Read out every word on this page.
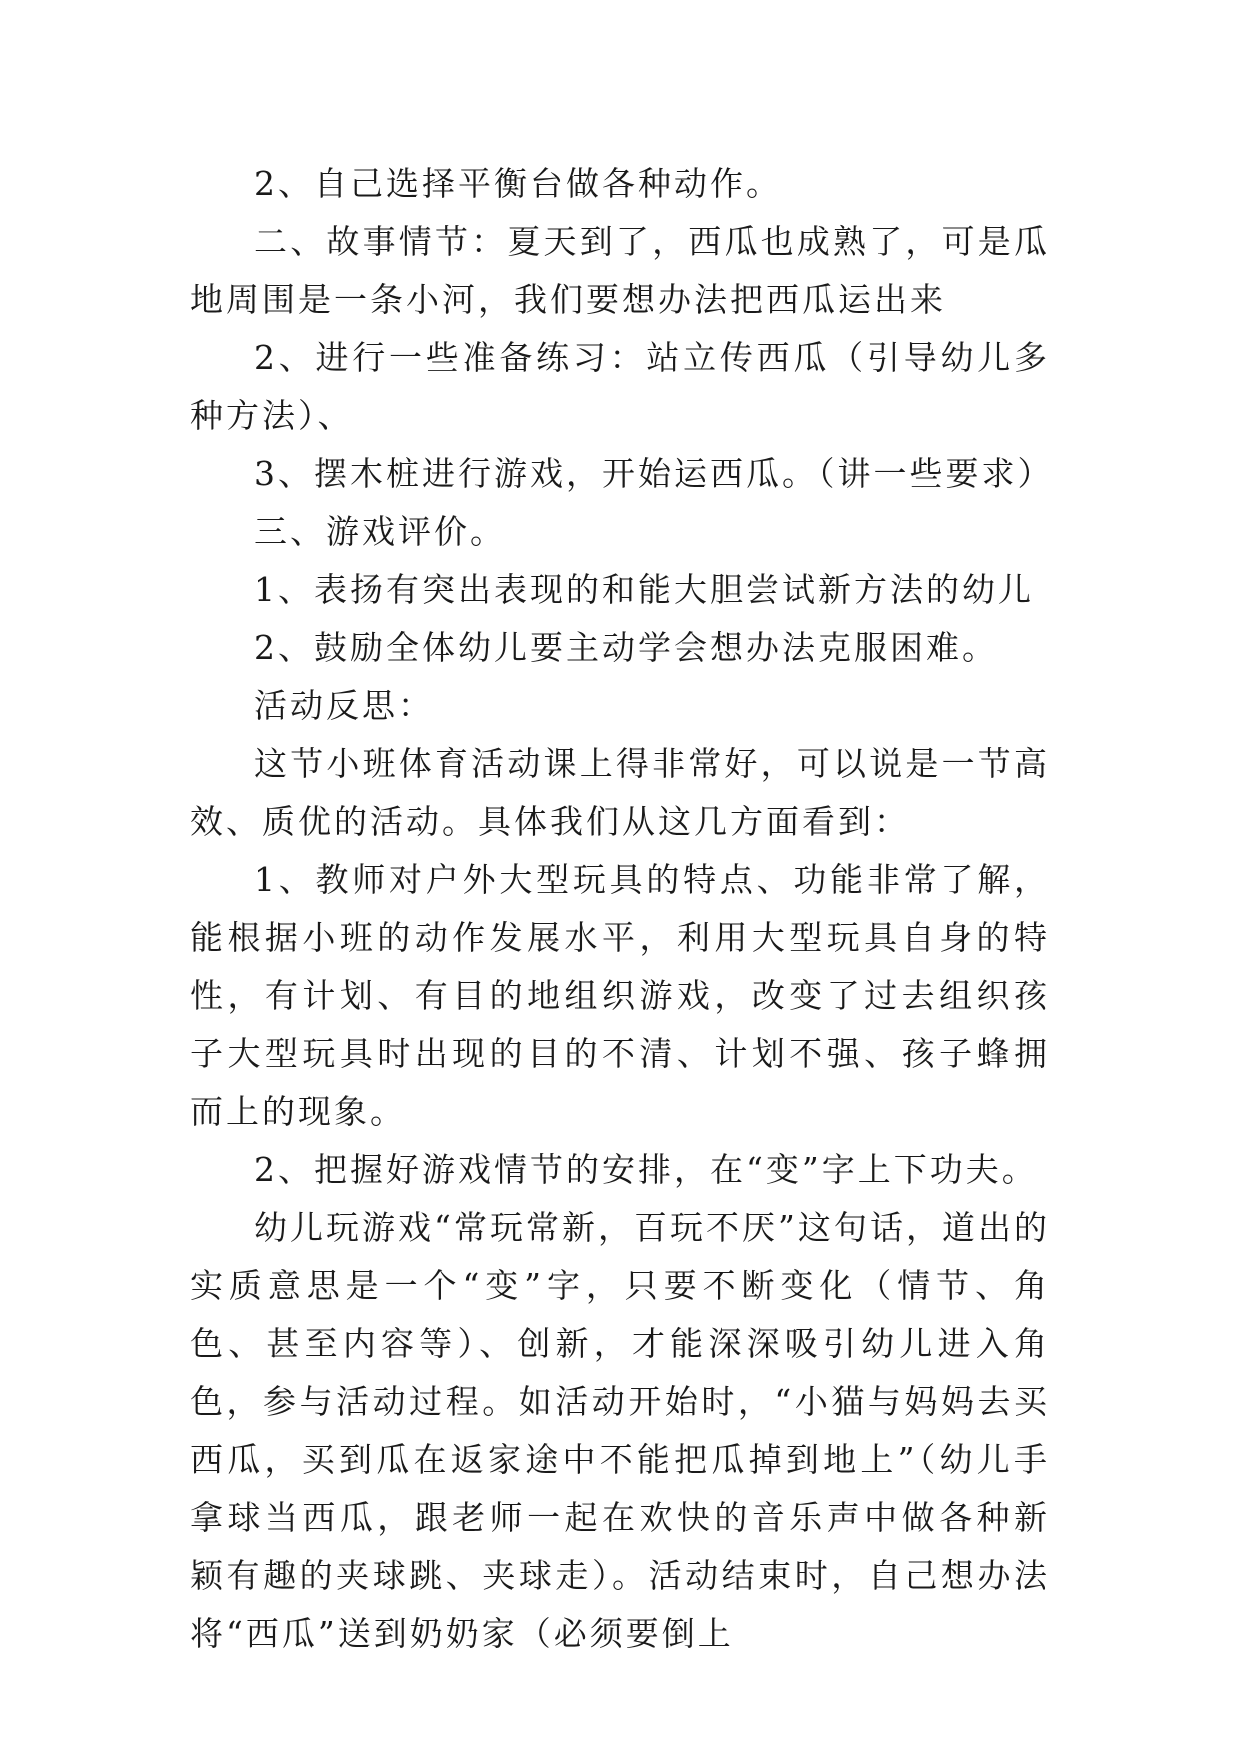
2、自己选择平衡台做各种动作。

二、故事情节：夏天到了，西瓜也成熟了，可是瓜地周围是一条小河，我们要想办法把西瓜运出来

2、进行一些准备练习：站立传西瓜（引导幼儿多种方法）、

3、摆木桩进行游戏，开始运西瓜。（讲一些要求）

三、游戏评价。

1、表扬有突出表现的和能大胆尝试新方法的幼儿

2、鼓励全体幼儿要主动学会想办法克服困难。

活动反思：

这节小班体育活动课上得非常好，可以说是一节高效、质优的活动。具体我们从这几方面看到：

1、教师对户外大型玩具的特点、功能非常了解，能根据小班的动作发展水平，利用大型玩具自身的特性，有计划、有目的地组织游戏，改变了过去组织孩子大型玩具时出现的目的不清、计划不强、孩子蜂拥而上的现象。

2、把握好游戏情节的安排，在“变”字上下功夫。

幼儿玩游戏“常玩常新，百玩不厌”这句话，道出的实质意思是一个“变”字，只要不断变化（情节、角色、甚至内容等）、创新，才能深深吸引幼儿进入角色，参与活动过程。如活动开始时，“小猫与妈妈去买西瓜，买到瓜在返家途中不能把瓜掉到地上”（幼儿手拿球当西瓜，跟老师一起在欢快的音乐声中做各种新颖有趣的夹球跳、夹球走）。活动结束时，自己想办法将“西瓜”送到奶奶家（必须要倒上
